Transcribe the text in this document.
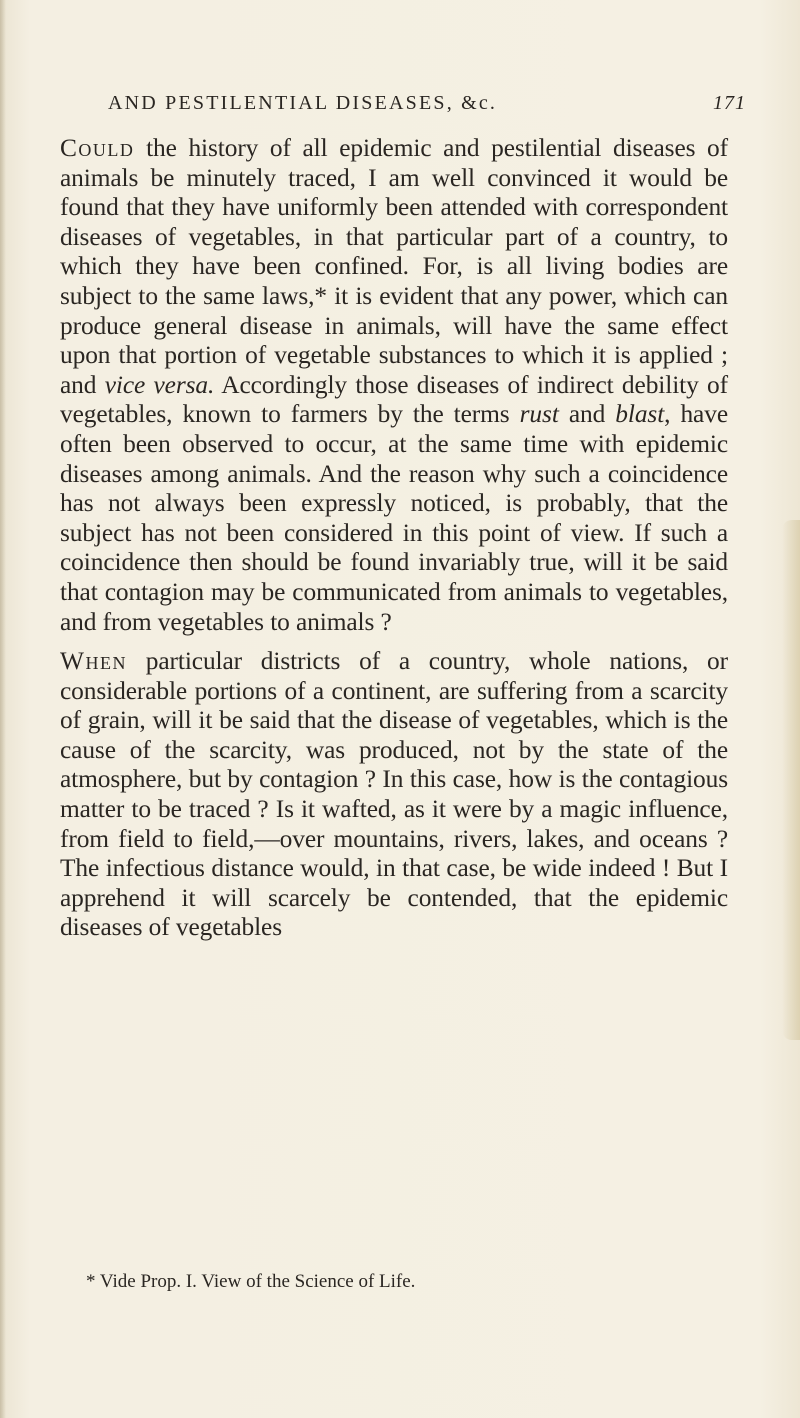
AND PESTILENTIAL DISEASES, &c.	171

Could the history of all epidemic and pestilential diseases of animals be minutely traced, I am well convinced it would be found that they have uniformly been attended with correspondent diseases of vegetables, in that particular part of a country, to which they have been confined. For, is all living bodies are subject to the same laws,* it is evident that any power, which can produce general disease in animals, will have the same effect upon that portion of vegetable substances to which it is applied ; and vice versa. Accordingly those diseases of indirect debility of vegetables, known to farmers by the terms rust and blast, have often been observed to occur, at the same time with epidemic diseases among animals. And the reason why such a coincidence has not always been expressly noticed, is probably, that the subject has not been considered in this point of view. If such a coincidence then should be found invariably true, will it be said that contagion may be communicated from animals to vegetables, and from vegetables to animals ?

When particular districts of a country, whole nations, or considerable portions of a continent, are suffering from a scarcity of grain, will it be said that the disease of vegetables, which is the cause of the scarcity, was produced, not by the state of the atmosphere, but by contagion ? In this case, how is the contagious matter to be traced ? Is it wafted, as it were by a magic influence, from field to field,—over mountains, rivers, lakes, and oceans ? The infectious distance would, in that case, be wide indeed ! But I apprehend it will scarcely be contended, that the epidemic diseases of vegetables

* Vide Prop. I. View of the Science of Life.
